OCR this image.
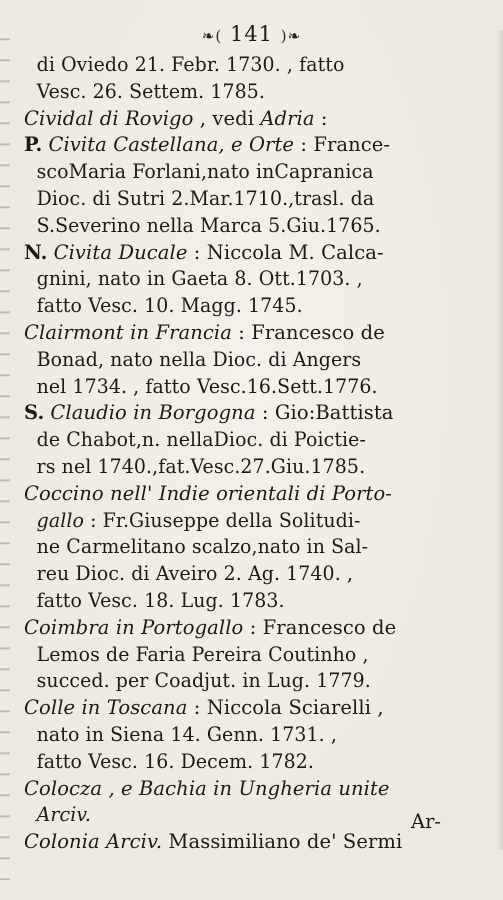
❧( 141 )❧
di Oviedo 21. Febr. 1730. , fatto
Vesc. 26. Settem. 1785.
Cividal di Rovigo , vedi Adria :
P. Civita Castellana, e Orte : France-
scoMaria Forlani,nato inCapranica
Dioc. di Sutri 2.Mar.1710.,trasl. da
S.Severino nella Marca 5.Giu.1765.
N. Civita Ducale : Niccola M. Calca-
gnini, nato in Gaeta 8. Ott.1703. ,
fatto Vesc. 10. Magg. 1745.
Clairmont in Francia : Francesco de
Bonad, nato nella Dioc. di Angers
nel 1734. , fatto Vesc.16.Sett.1776.
S. Claudio in Borgogna : Gio:Battista
de Chabot,n. nellaDioc. di Poictie-
rs nel 1740.,fat.Vesc.27.Giu.1785.
Coccino nell' Indie orientali di Porto-
gallo : Fr.Giuseppe della Solitudi-
ne Carmelitano scalzo,nato in Sal-
reu Dioc. di Aveiro 2. Ag. 1740. ,
fatto Vesc. 18. Lug. 1783.
Coimbra in Portogallo : Francesco de
Lemos de Faria Pereira Coutinho ,
succed. per Coadjut. in Lug. 1779.
Colle in Toscana : Niccola Sciarelli ,
nato in Siena 14. Genn. 1731. ,
fatto Vesc. 16. Decem. 1782.
Colocza , e Bachia in Ungheria unite
Arciv.
Colonia Arciv. Massimiliano de' Sermi
Ar-
